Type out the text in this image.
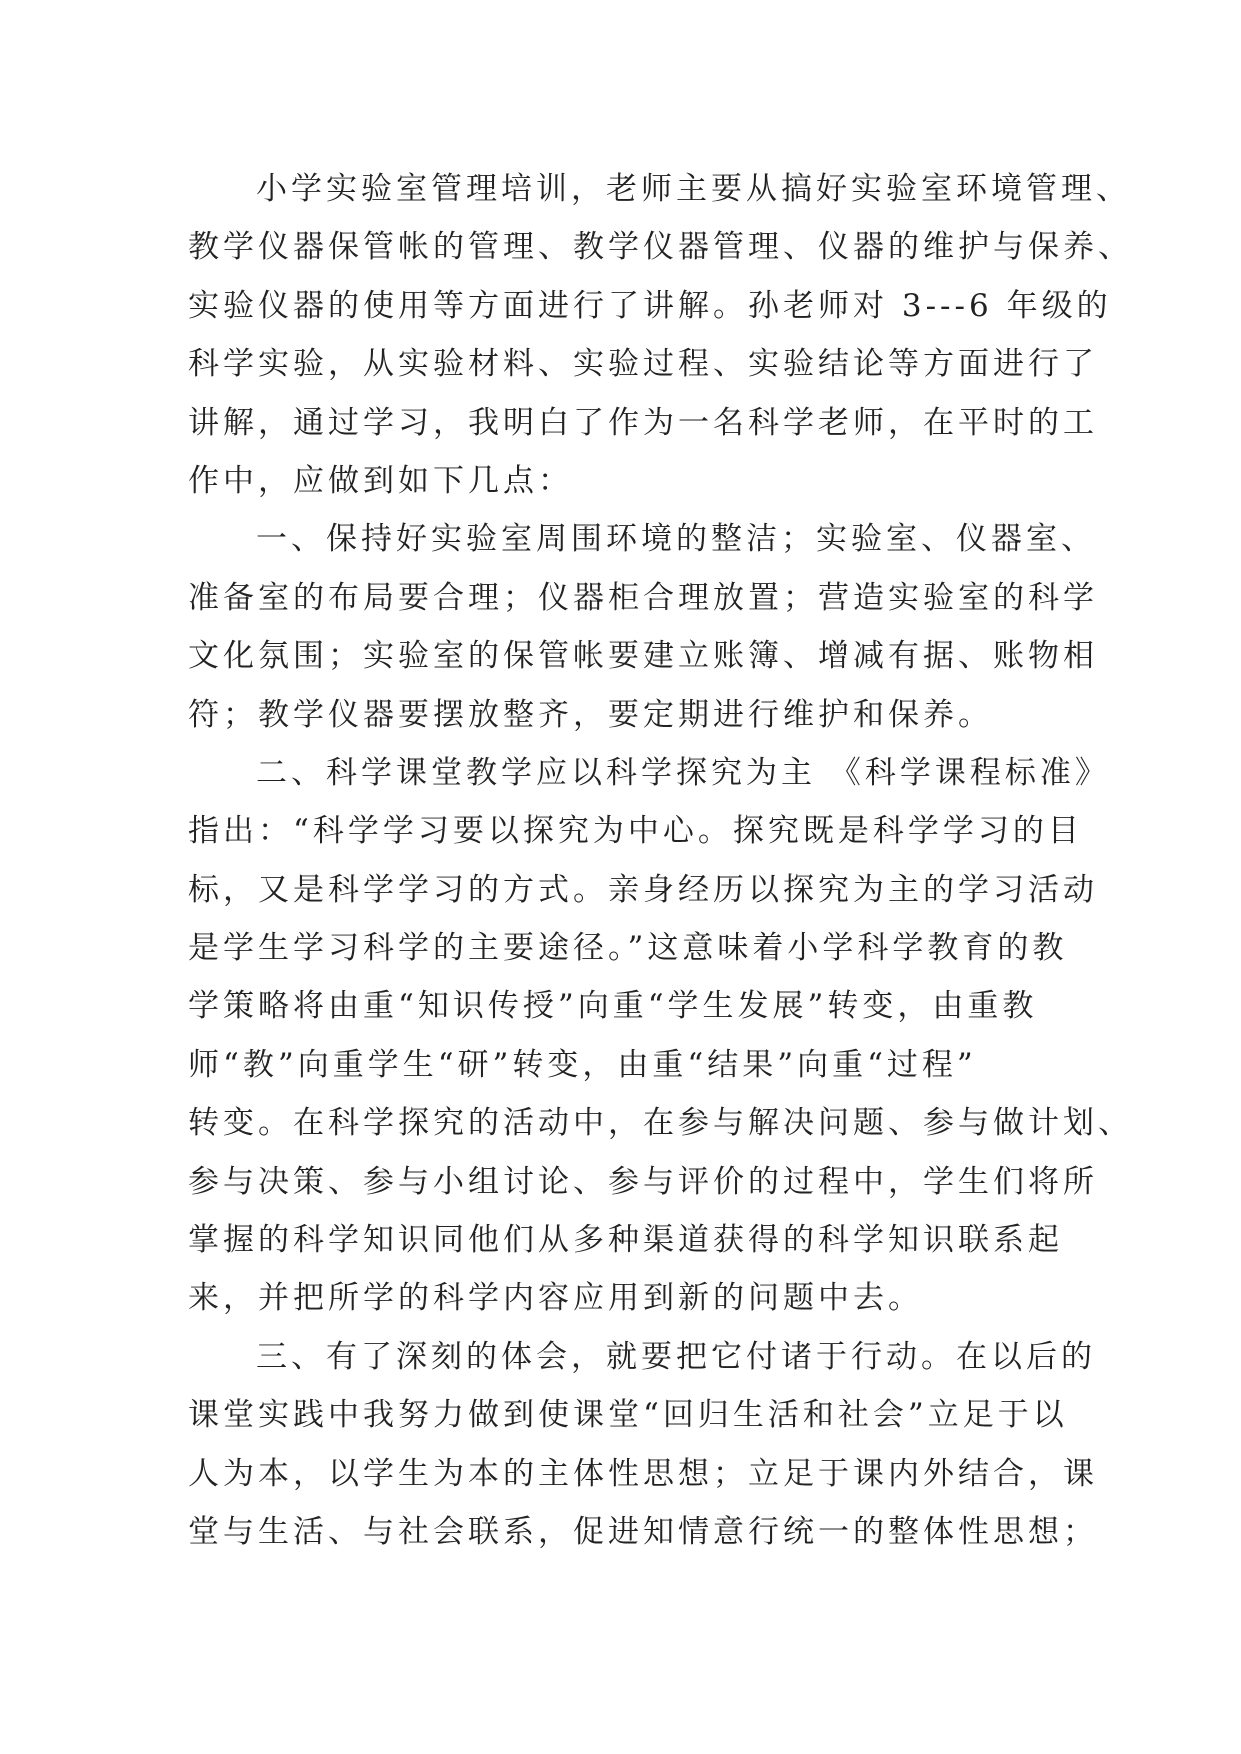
小学实验室管理培训，老师主要从搞好实验室环境管理、
教学仪器保管帐的管理、教学仪器管理、仪器的维护与保养、
实验仪器的使用等方面进行了讲解。孙老师对 3---6 年级的
科学实验，从实验材料、实验过程、实验结论等方面进行了
讲解，通过学习，我明白了作为一名科学老师，在平时的工
作中，应做到如下几点：
一、保持好实验室周围环境的整洁；实验室、仪器室、
准备室的布局要合理；仪器柜合理放置；营造实验室的科学
文化氛围；实验室的保管帐要建立账簿、增减有据、账物相
符；教学仪器要摆放整齐，要定期进行维护和保养。
二、科学课堂教学应以科学探究为主 《科学课程标准》
指出：“科学学习要以探究为中心。探究既是科学学习的目
标，又是科学学习的方式。亲身经历以探究为主的学习活动
是学生学习科学的主要途径。”这意味着小学科学教育的教
学策略将由重“知识传授”向重“学生发展”转变，由重教
师“教”向重学生“研”转变，由重“结果”向重“过程”
转变。在科学探究的活动中，在参与解决问题、参与做计划、
参与决策、参与小组讨论、参与评价的过程中，学生们将所
掌握的科学知识同他们从多种渠道获得的科学知识联系起
来，并把所学的科学内容应用到新的问题中去。
三、有了深刻的体会，就要把它付诸于行动。在以后的
课堂实践中我努力做到使课堂“回归生活和社会”立足于以
人为本，以学生为本的主体性思想；立足于课内外结合，课
堂与生活、与社会联系，促进知情意行统一的整体性思想；
